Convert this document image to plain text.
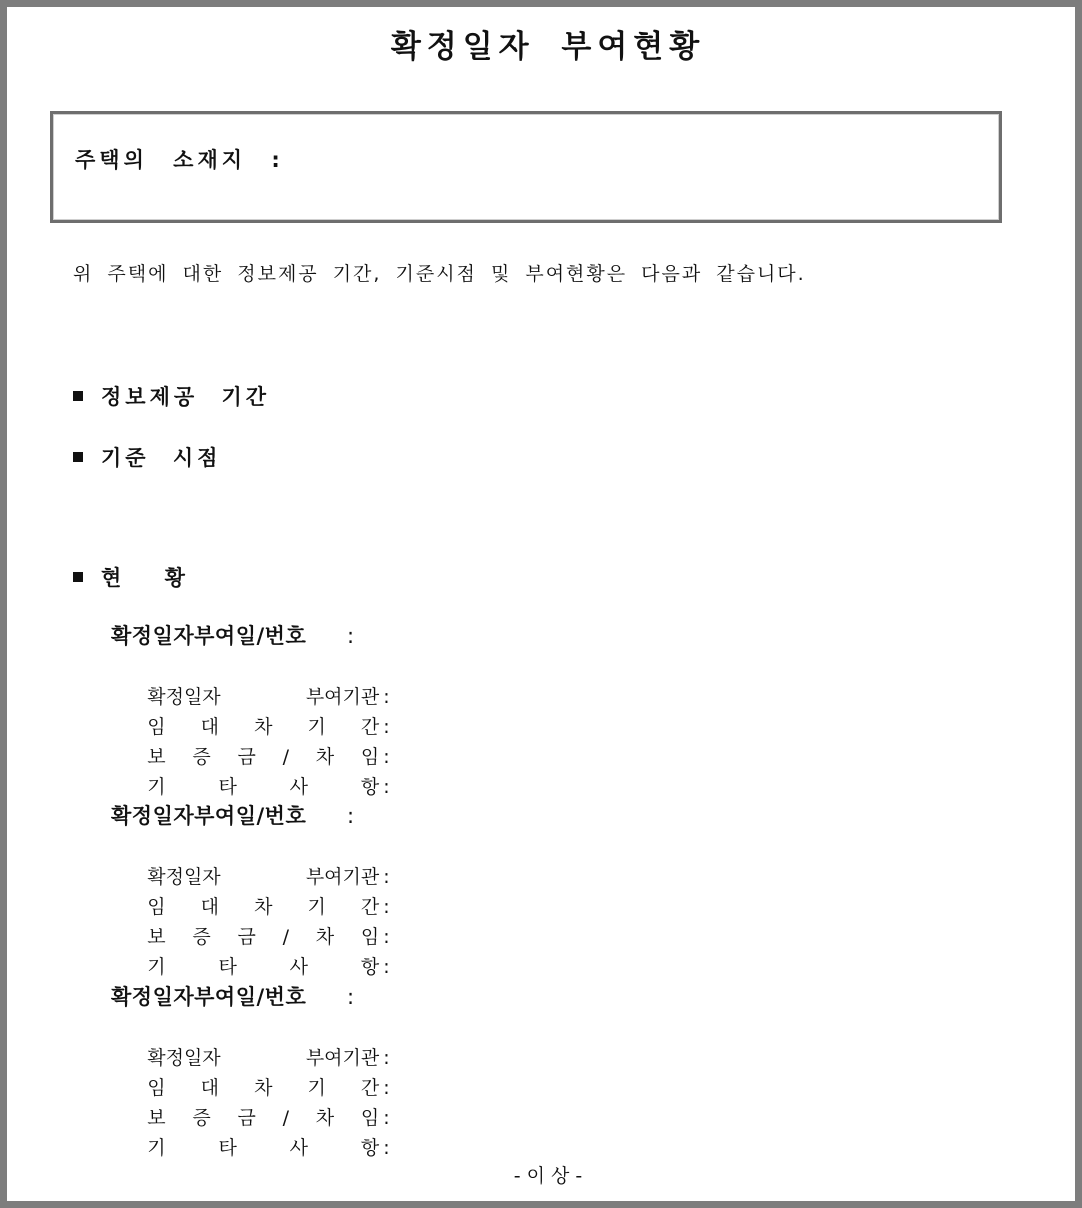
확정일자 부여현황
주택의 소재지 :
위 주택에 대한 정보제공 기간, 기준시점 및 부여현황은 다음과 같습니다.
정보제공 기간
기준 시점
현 황
확정일자부여일/번호 :

확정일자 부여기관 :

임 대 차 기 간 :

보 증 금 / 차 임 :

기 타 사 항 :

확정일자부여일/번호 :

확정일자 부여기관 :

임 대 차 기 간 :

보 증 금 / 차 임 :

기 타 사 항 :

확정일자부여일/번호 :

확정일자 부여기관 :

임 대 차 기 간 :

보 증 금 / 차 임 :

기 타 사 항 :

- 이 상 -
